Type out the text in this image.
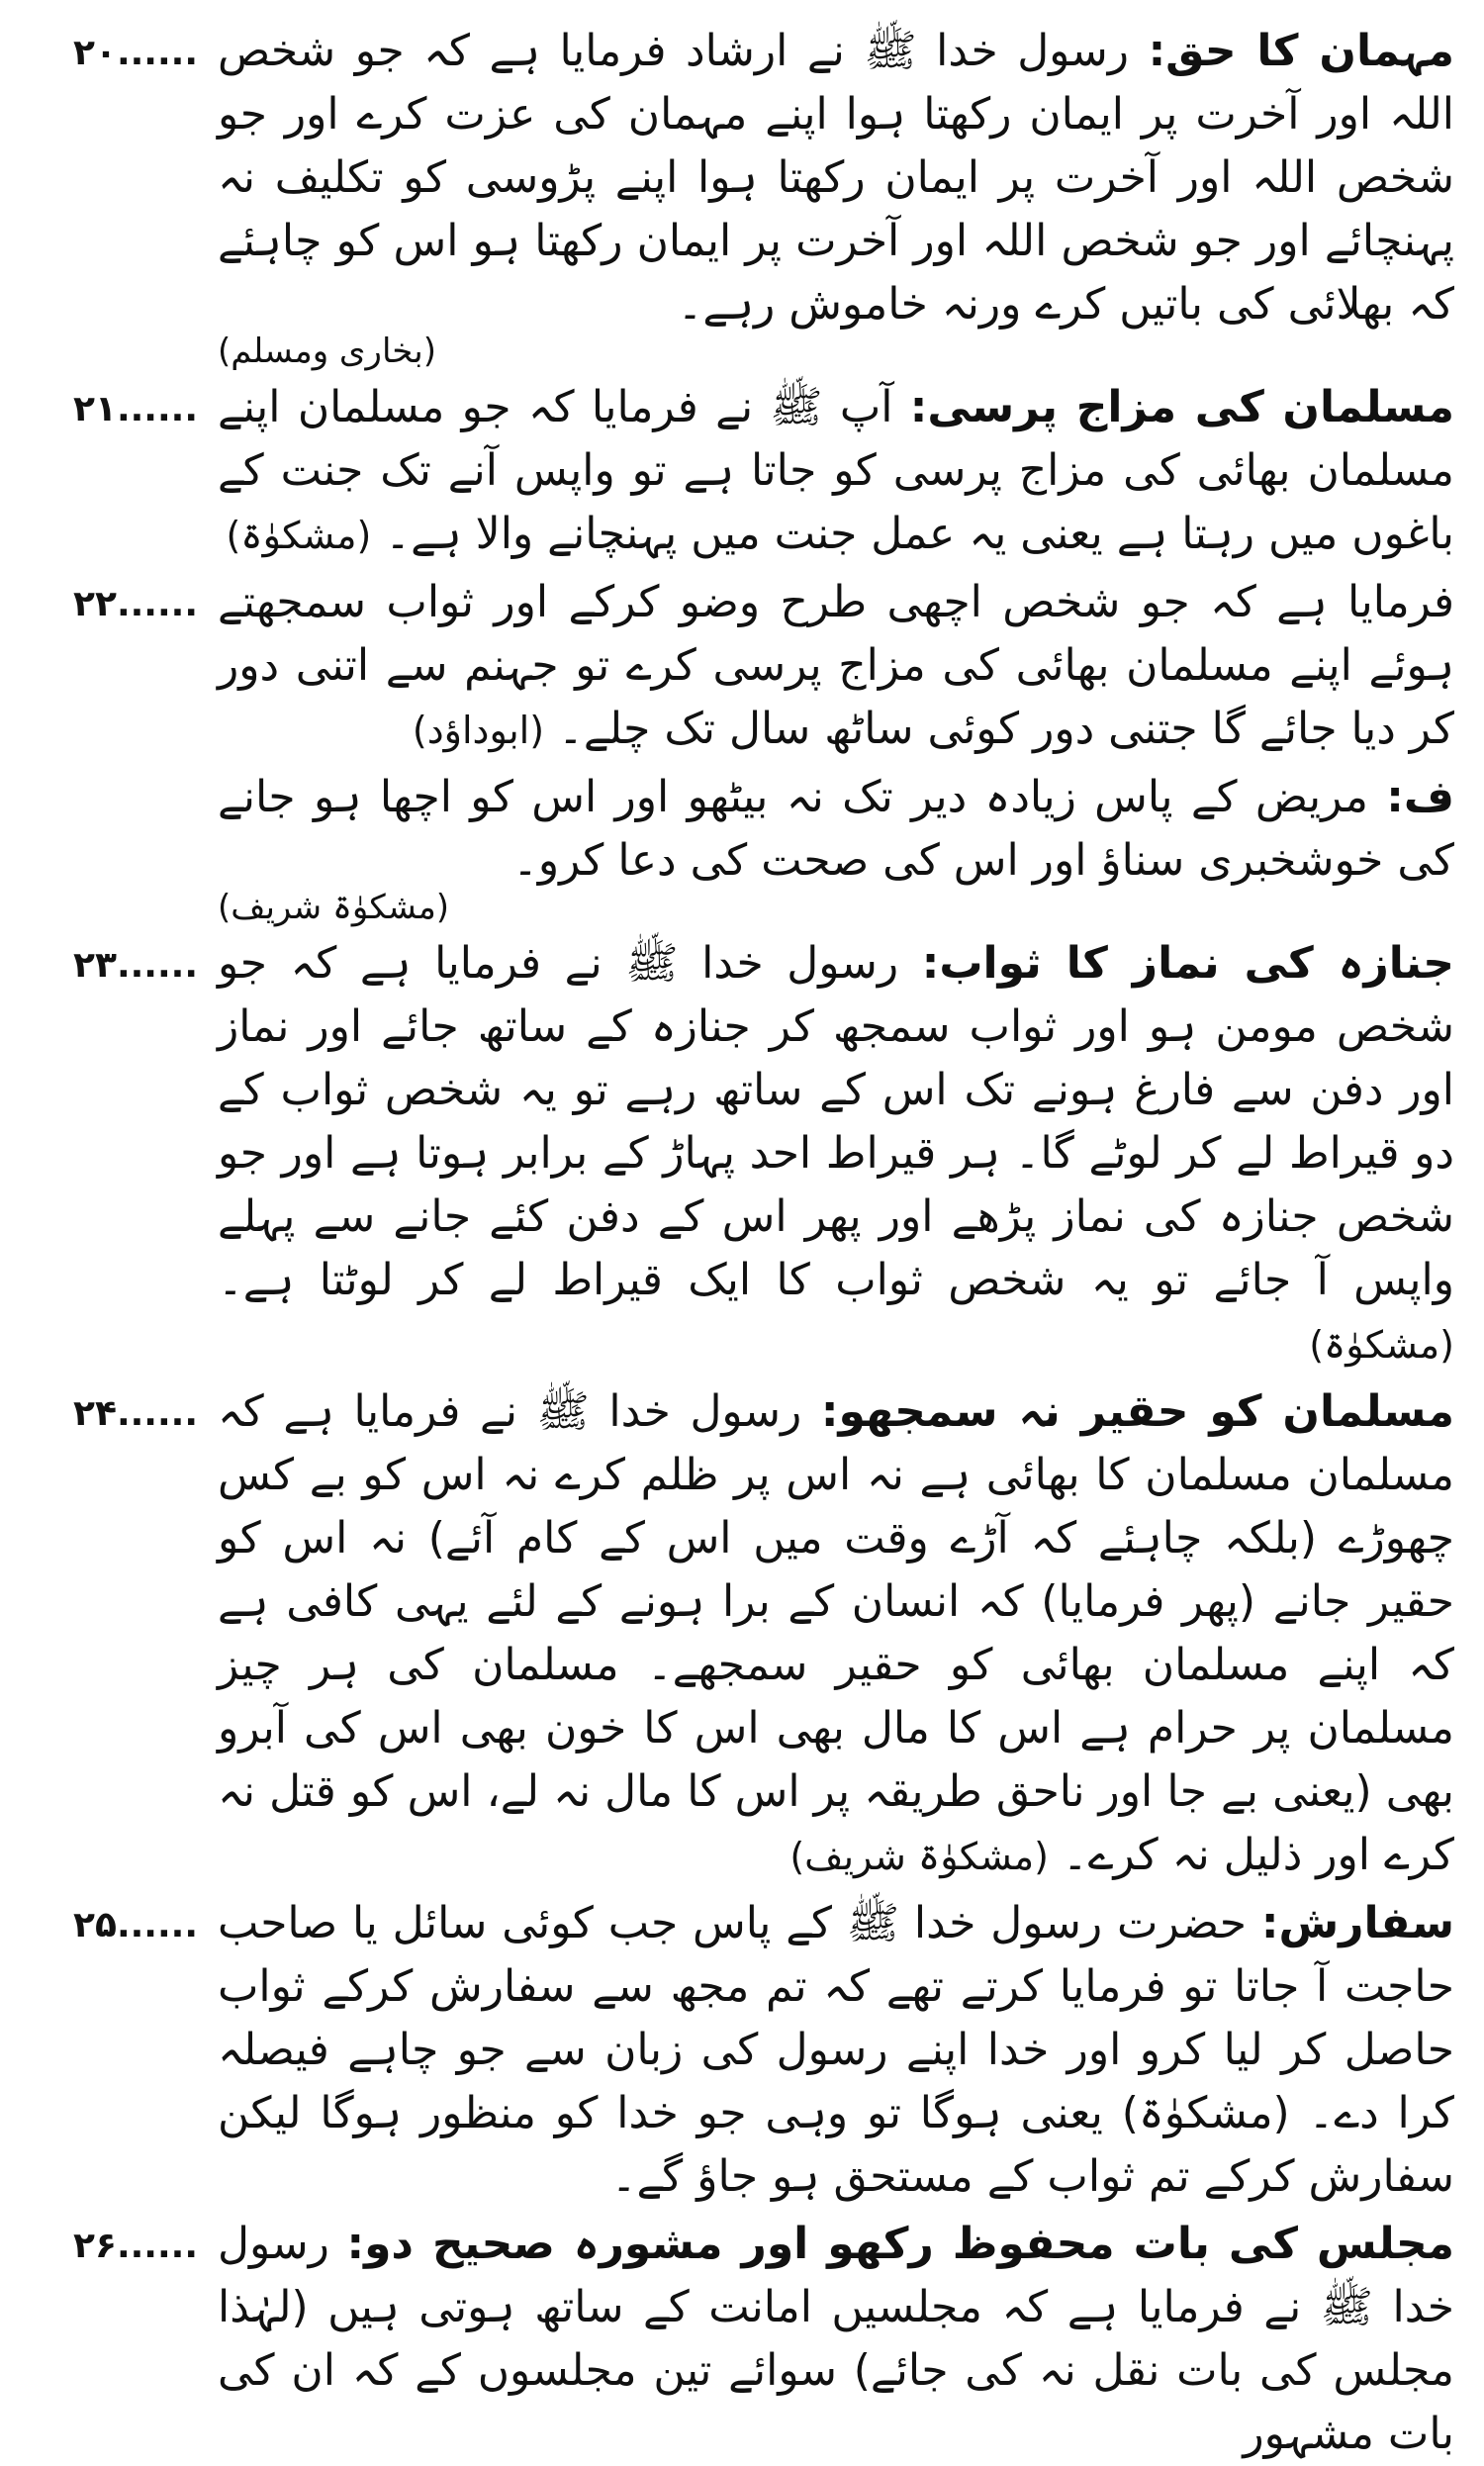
۲۰......	مہمان کا حق: رسول خدا ﷺ نے ارشاد فرمایا ہے کہ جو شخص اللہ اور آخرت پر ایمان رکھتا ہوا اپنے مہمان کی عزت کرے اور جو شخص اللہ اور آخرت پر ایمان رکھتا ہوا اپنے پڑوسی کو تکلیف نہ پہنچائے اور جو شخص اللہ اور آخرت پر ایمان رکھتا ہو اس کو چاہئے کہ بھلائی کی باتیں کرے ورنہ خاموش رہے۔
(بخاری ومسلم)

۲۱......	مسلمان کی مزاج پرسی: آپ ﷺ نے فرمایا کہ جو مسلمان اپنے مسلمان بھائی کی مزاج پرسی کو جاتا ہے تو واپس آنے تک جنت کے باغوں میں رہتا ہے یعنی یہ عمل جنت میں پہنچانے والا ہے۔ (مشکوٰۃ)

۲۲...... فرمایا ہے کہ جو شخص اچھی طرح وضو کرکے اور ثواب سمجھتے ہوئے اپنے مسلمان بھائی کی مزاج پرسی کرے تو جہنم سے اتنی دور کر دیا جائے گا جتنی دور کوئی ساٹھ سال تک چلے۔ (ابوداؤد)

ف: مریض کے پاس زیادہ دیر تک نہ بیٹھو اور اس کو اچھا ہو جانے کی خوشخبری سناؤ اور اس کی صحت کی دعا کرو۔
(مشکوٰۃ شریف)

۲۳......	جنازہ کی نماز کا ثواب: رسول خدا ﷺ نے فرمایا ہے کہ جو شخص مومن ہو اور ثواب سمجھ کر جنازہ کے ساتھ جائے اور نماز اور دفن سے فارغ ہونے تک اس کے ساتھ رہے تو یہ شخص ثواب کے دو قیراط لے کر لوٹے گا۔ ہر قیراط احد پہاڑ کے برابر ہوتا ہے اور جو شخص جنازہ کی نماز پڑھے اور پھر اس کے دفن کئے جانے سے پہلے واپس آ جائے تو یہ شخص ثواب کا ایک قیراط لے کر لوٹتا ہے۔ (مشکوٰۃ)

۲۴......	مسلمان کو حقیر نہ سمجھو: رسول خدا ﷺ نے فرمایا ہے کہ مسلمان مسلمان کا بھائی ہے نہ اس پر ظلم کرے نہ اس کو بے کس چھوڑے (بلکہ چاہئے کہ آڑے وقت میں اس کے کام آئے) نہ اس کو حقیر جانے (پھر فرمایا) کہ انسان کے برا ہونے کے لئے یہی کافی ہے کہ اپنے مسلمان بھائی کو حقیر سمجھے۔ مسلمان کی ہر چیز مسلمان پر حرام ہے اس کا مال بھی اس کا خون بھی اس کی آبرو بھی (یعنی بے جا اور ناحق طریقہ پر اس کا مال نہ لے، اس کو قتل نہ کرے اور ذلیل نہ کرے۔ (مشکوٰۃ شریف)

۲۵......	سفارش: حضرت رسول خدا ﷺ کے پاس جب کوئی سائل یا صاحب حاجت آ جاتا تو فرمایا کرتے تھے کہ تم مجھ سے سفارش کرکے ثواب حاصل کر لیا کرو اور خدا اپنے رسول کی زبان سے جو چاہے فیصلہ کرا دے۔ (مشکوٰۃ) یعنی ہوگا تو وہی جو خدا کو منظور ہوگا لیکن سفارش کرکے تم ثواب کے مستحق ہو جاؤ گے۔

۲۶......	مجلس کی بات محفوظ رکھو اور مشورہ صحیح دو: رسول خدا ﷺ نے فرمایا ہے کہ مجلسیں امانت کے ساتھ ہوتی ہیں (لہٰذا مجلس کی بات نقل نہ کی جائے) سوائے تین مجلسوں کے کہ ان کی بات مشہور
